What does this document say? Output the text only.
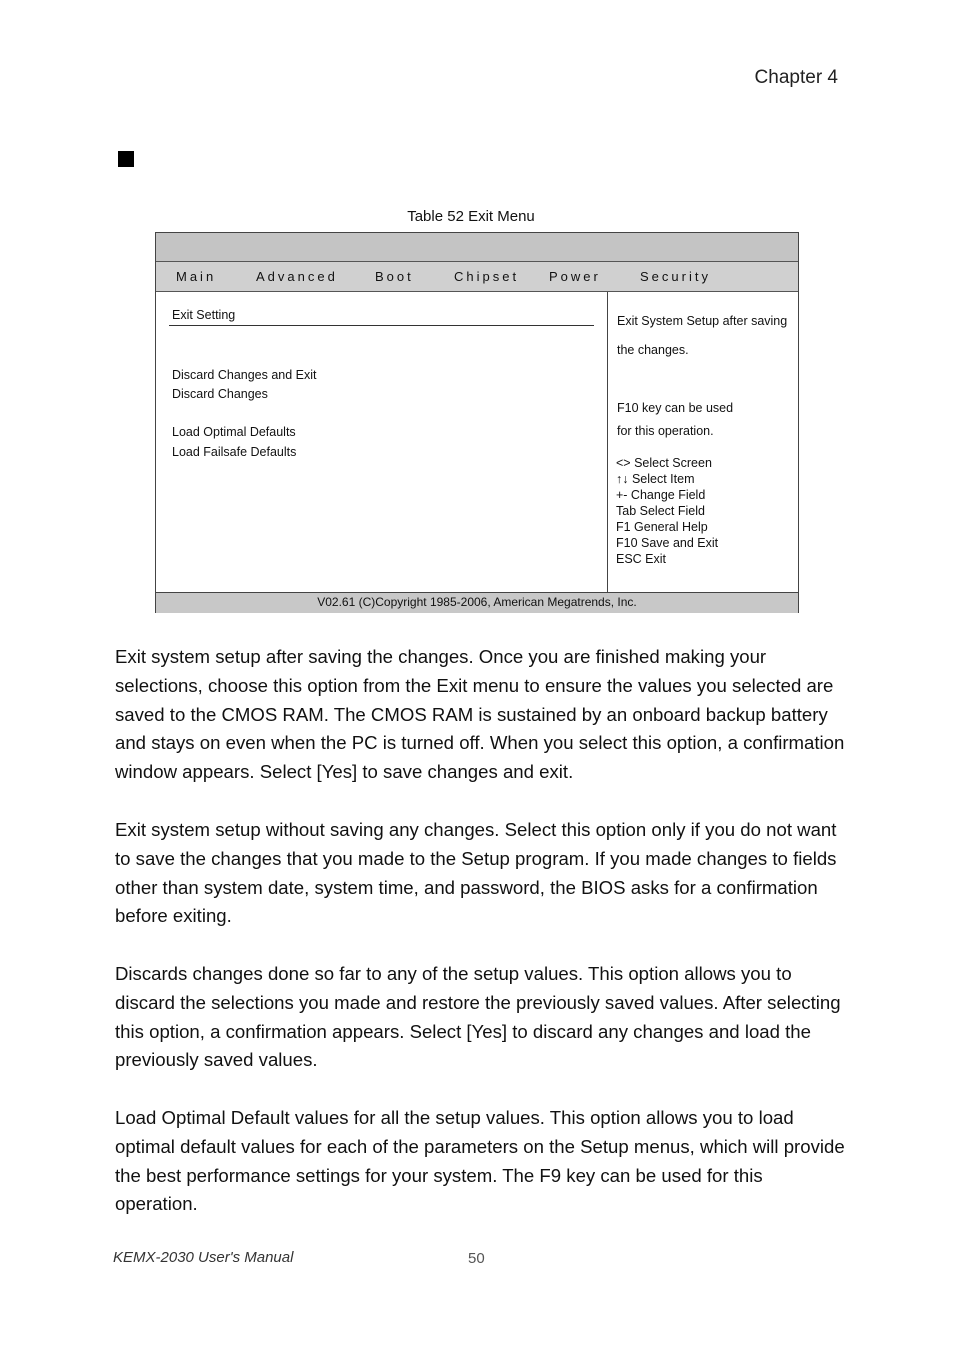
Chapter 4
Table 52 Exit Menu
Main	Advanced	Boot	Chipset Power	Security
Exit Setting
Discard Changes and Exit
Discard Changes
Load Optimal Defaults
Load Failsafe Defaults
Exit System Setup after saving
the changes.
F10 key can be used
for this operation.
<> Select Screen
↑↓ Select Item
+- Change Field
Tab Select Field
F1 General Help
F10 Save and Exit
ESC Exit
V02.61 (C)Copyright 1985-2006, American Megatrends, Inc.
Exit system setup after saving the changes. Once you are finished making your selections, choose this option from the Exit menu to ensure the values you selected are saved to the CMOS RAM. The CMOS RAM is sustained by an onboard backup battery and stays on even when the PC is turned off. When you select this option, a confirmation window appears. Select [Yes] to save changes and exit.
Exit system setup without saving any changes. Select this option only if you do not want to save the changes that you made to the Setup program. If you made changes to fields other than system date, system time, and password, the BIOS asks for a confirmation before exiting.
Discards changes done so far to any of the setup values. This option allows you to discard the selections you made and restore the previously saved values. After selecting this option, a confirmation appears. Select [Yes] to discard any changes and load the previously saved values.
Load Optimal Default values for all the setup values. This option allows you to load optimal default values for each of the parameters on the Setup menus, which will provide the best performance settings for your system. The F9 key can be used for this operation.
KEMX-2030 User's Manual	50
